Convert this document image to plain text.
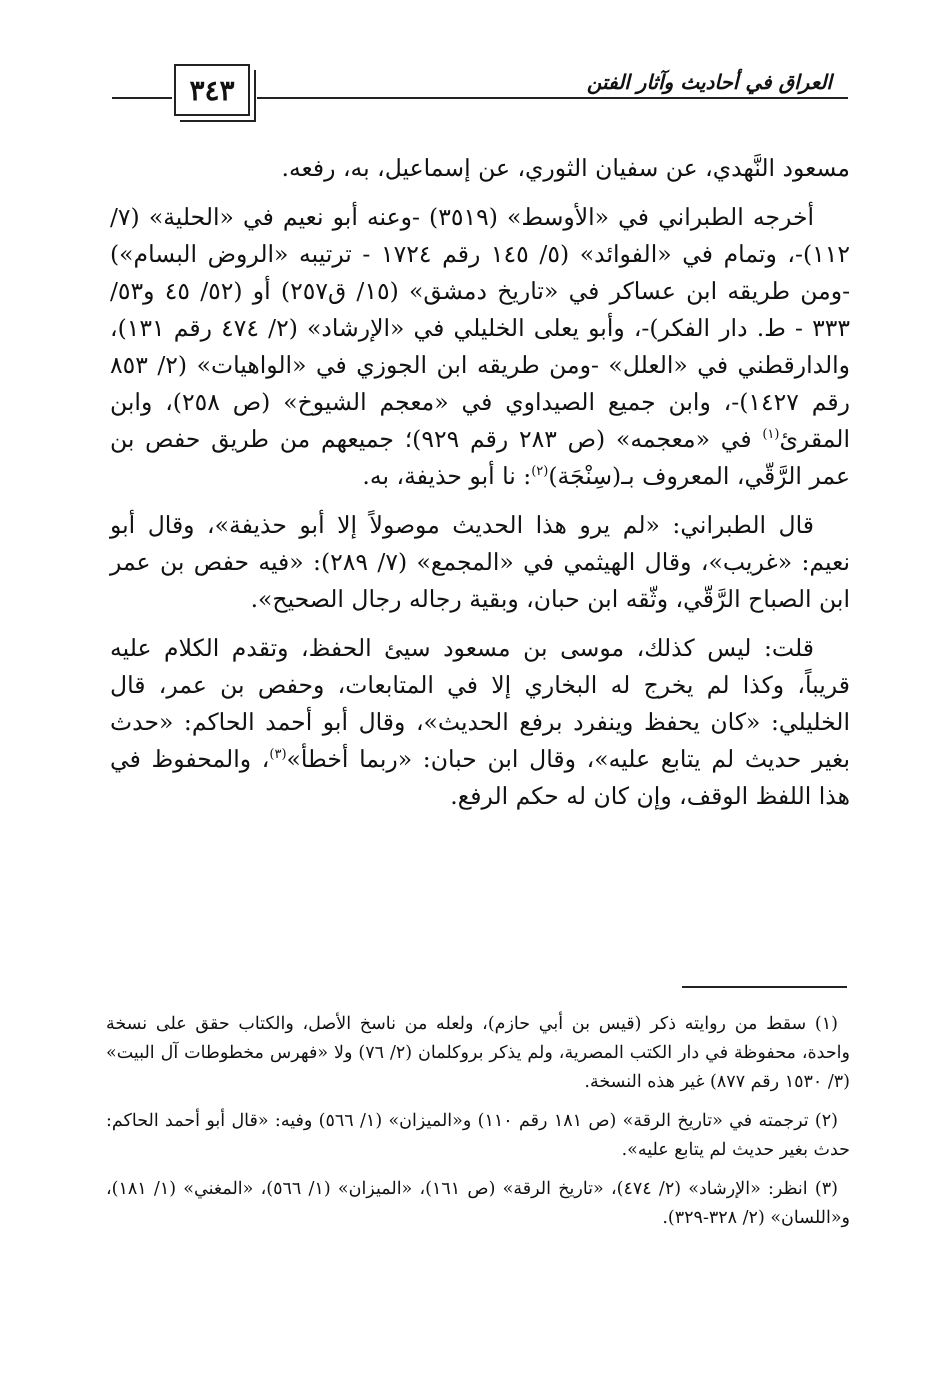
٣٤٣	العراق في أحاديث وآثار الفتن

مسعود النَّهدي، عن سفيان الثوري، عن إسماعيل، به، رفعه.

أخرجه الطبراني في «الأوسط» (٣٥١٩) -وعنه أبو نعيم في «الحلية» (٧/ ١١٢)-، وتمام في «الفوائد» (٥/ ١٤٥ رقم ١٧٢٤ - ترتيبه «الروض البسام») -ومن طريقه ابن عساكر في «تاريخ دمشق» (١٥/ ق٢٥٧) أو (٥٢/ ٤٥ و٥٣/ ٣٣٣ - ط. دار الفكر)-، وأبو يعلى الخليلي في «الإرشاد» (٢/ ٤٧٤ رقم ١٣١)، والدارقطني في «العلل» -ومن طريقه ابن الجوزي في «الواهيات» (٢/ ٨٥٣ رقم ١٤٢٧)-، وابن جميع الصيداوي في «معجم الشيوخ» (ص ٢٥٨)، وابن المقرئ$^{(١)}$ في «معجمه» (ص ٢٨٣ رقم ٩٢٩)؛ جميعهم من طريق حفص بن عمر الرَّقّي، المعروف بـ(سِنْجَة)$^{(٢)}$: نا أبو حذيفة، به.

قال الطبراني: «لم يرو هذا الحديث موصولاً إلا أبو حذيفة»، وقال أبو نعيم: «غريب»، وقال الهيثمي في «المجمع» (٧/ ٢٨٩): «فيه حفص بن عمر ابن الصباح الرَّقّي، وثّقه ابن حبان، وبقية رجاله رجال الصحيح».

قلت: ليس كذلك، موسى بن مسعود سيئ الحفظ، وتقدم الكلام عليه قريباً، وكذا لم يخرج له البخاري إلا في المتابعات، وحفص بن عمر، قال الخليلي: «كان يحفظ وينفرد برفع الحديث»، وقال أبو أحمد الحاكم: «حدث بغير حديث لم يتابع عليه»، وقال ابن حبان: «ربما أخطأ»$^{(٣)}$، والمحفوظ في هذا اللفظ الوقف، وإن كان له حكم الرفع.

(١) سقط من روايته ذكر (قيس بن أبي حازم)، ولعله من ناسخ الأصل، والكتاب حقق على نسخة واحدة، محفوظة في دار الكتب المصرية، ولم يذكر بروكلمان (٢/ ٧٦) ولا «فهرس مخطوطات آل البيت» (٣/ ١٥٣٠ رقم ٨٧٧) غير هذه النسخة.

(٢) ترجمته في «تاريخ الرقة» (ص ١٨١ رقم ١١٠) و«الميزان» (١/ ٥٦٦) وفيه: «قال أبو أحمد الحاكم: حدث بغير حديث لم يتابع عليه».

(٣) انظر: «الإرشاد» (٢/ ٤٧٤)، «تاريخ الرقة» (ص ١٦١)، «الميزان» (١/ ٥٦٦)، «المغني» (١/ ١٨١)، و«اللسان» (٢/ ٣٢٨-٣٢٩).
